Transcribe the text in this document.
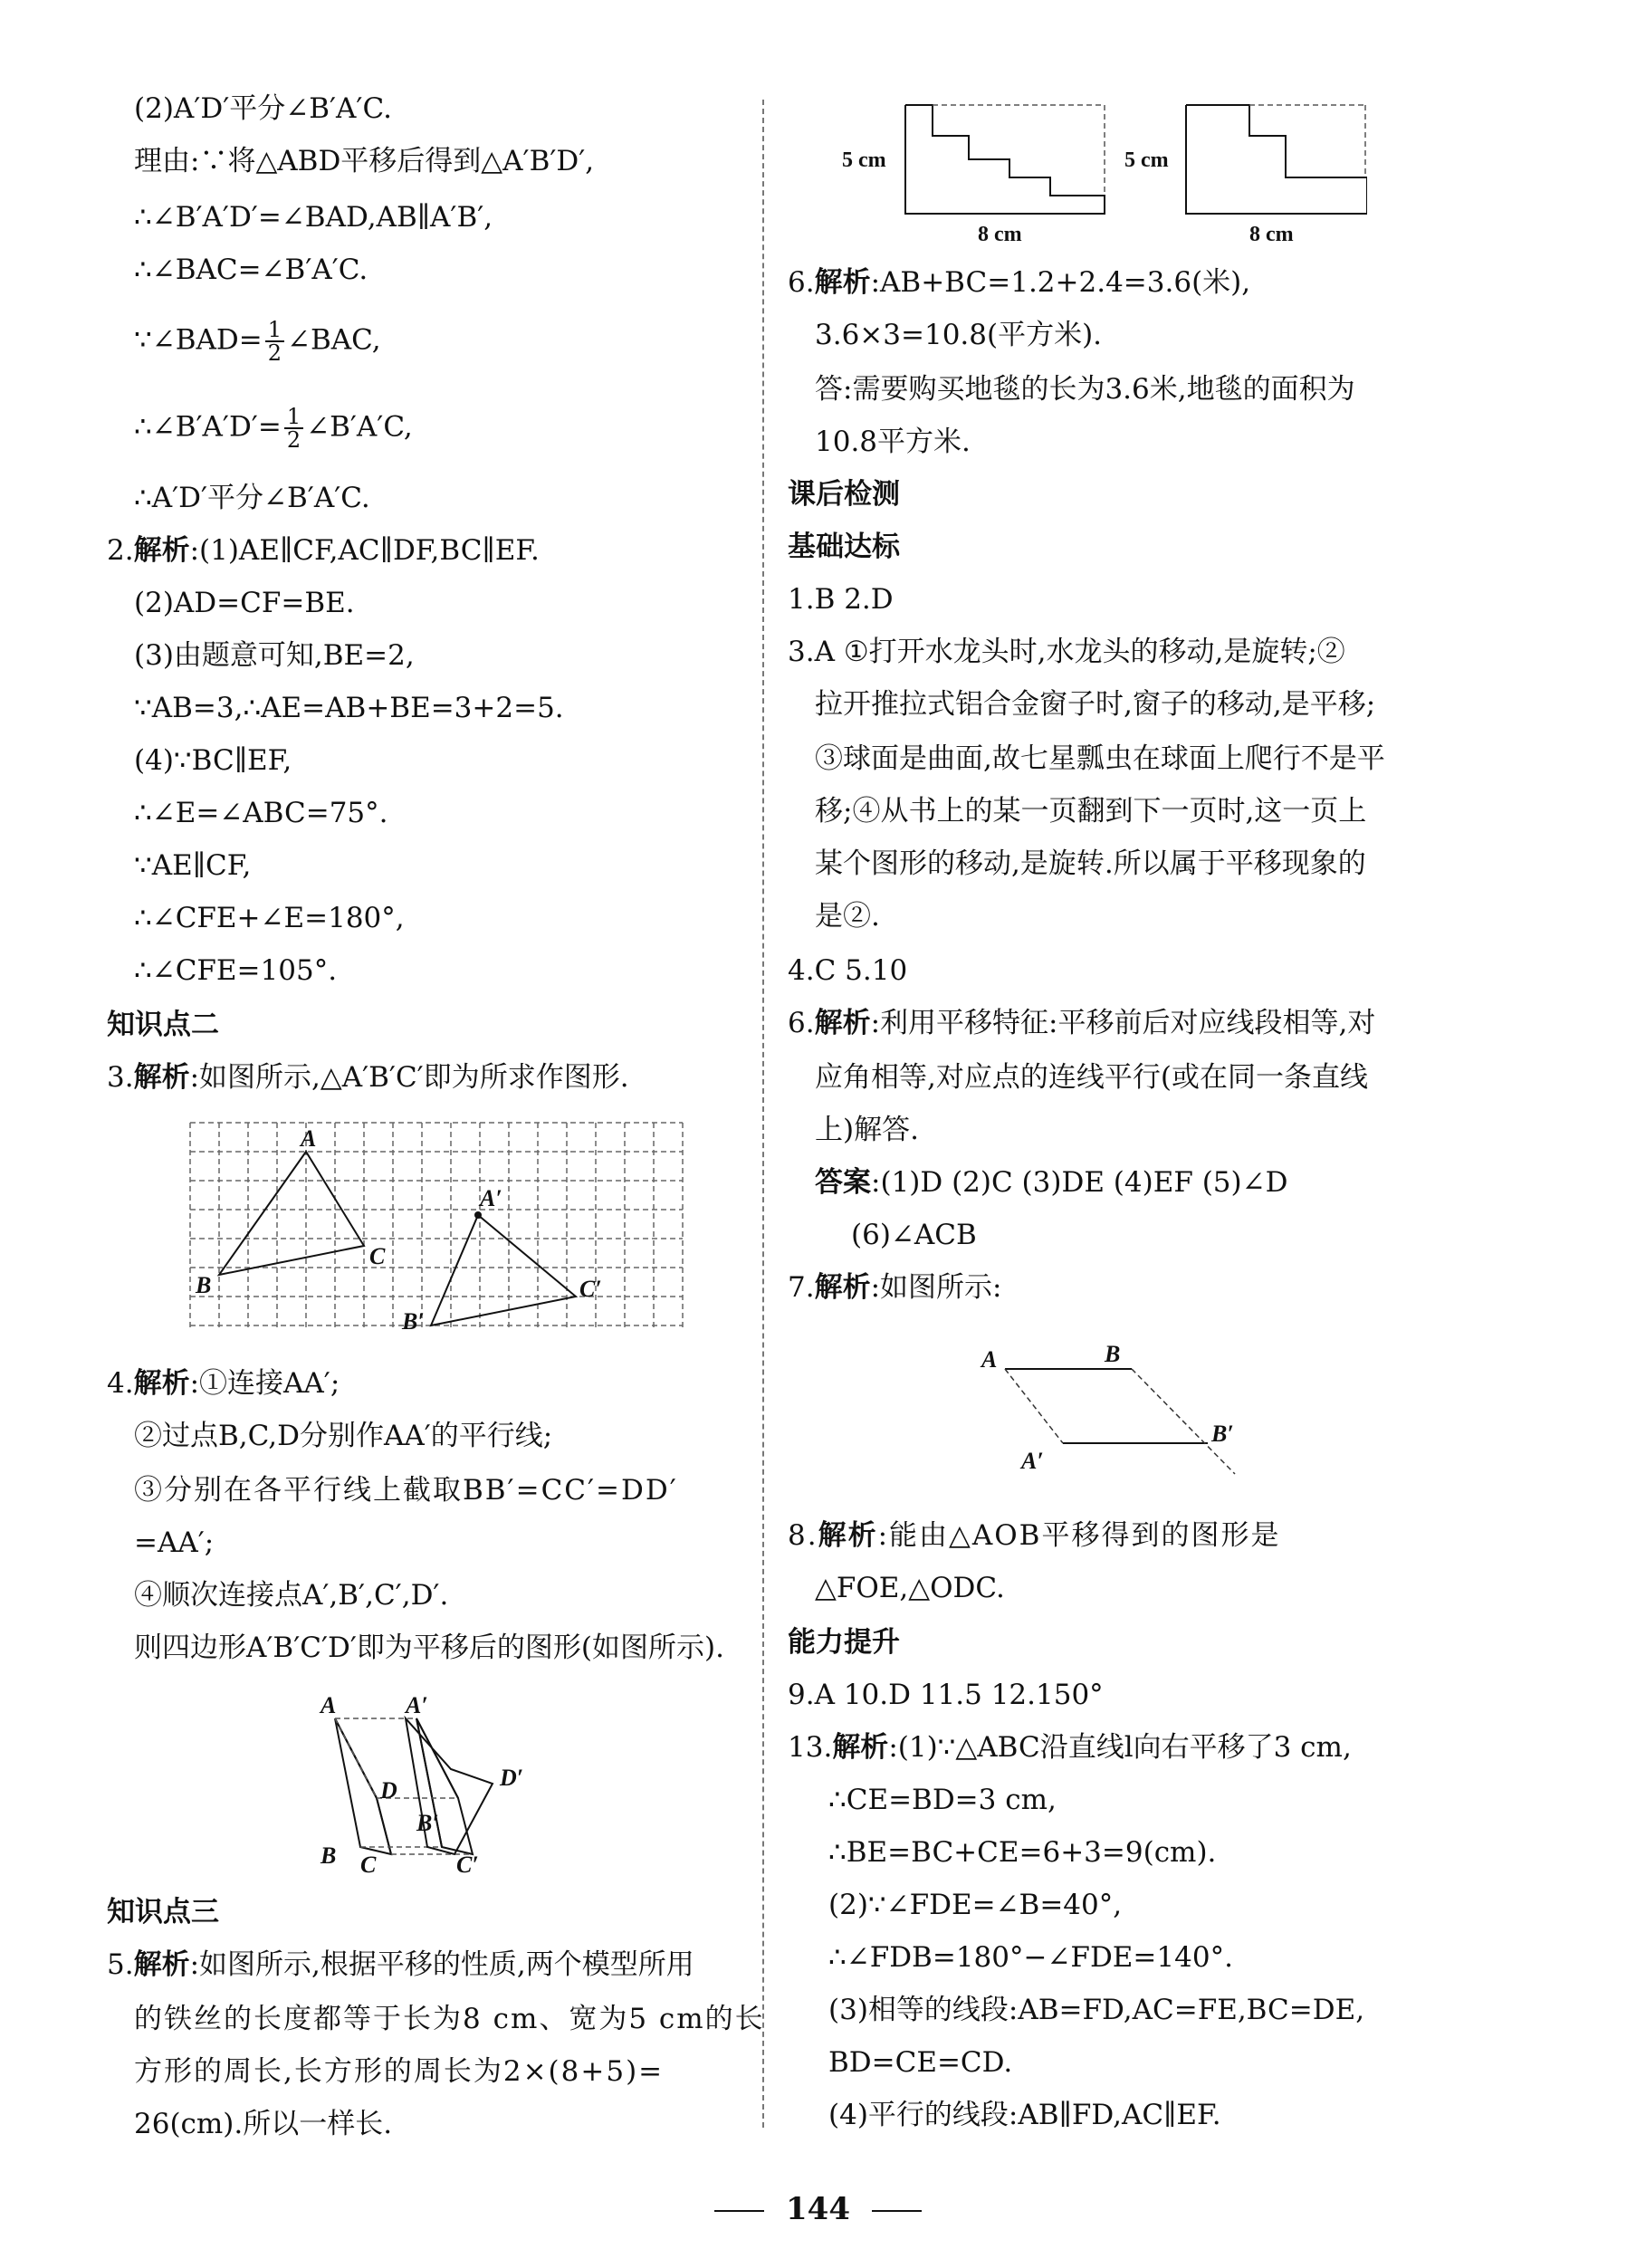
(2)A′D′平分∠B′A′C.
理由:∵将△ABD平移后得到△A′B′D′,
∴∠B′A′D′=∠BAD,AB∥A′B′,
∴∠BAC=∠B′A′C.
∵∠BAD= $\frac{1}{2}$ ∠BAC,
∴∠B′A′D′= $\frac{1}{2}$ ∠B′A′C,
∴A′D′平分∠B′A′C.
2.解析:(1)AE∥CF,AC∥DF,BC∥EF.
(2)AD=CF=BE.
(3)由题意可知,BE=2,
∵AB=3,∴AE=AB+BE=3+2=5.
(4)∵BC∥EF,
∴∠E=∠ABC=75°.
∵AE∥CF,
∴∠CFE+∠E=180°,
∴∠CFE=105°.
知识点二
3.解析:如图所示,△A′B′C′即为所求作图形.
A
B
C
A′
B′
C′
4.解析:①连接AA′;
②过点B,C,D分别作AA′的平行线;
③分别在各平行线上截取BB′=CC′=DD′
=AA′;
④顺次连接点A′,B′,C′,D′.
则四边形A′B′C′D′即为平移后的图形(如图所示).
A	A′
D	D′
B′
B C	C′
知识点三
5.解析:如图所示,根据平移的性质,两个模型所用
的铁丝的长度都等于长为8 cm、宽为5 cm的长
方形的周长,长方形的周长为2×(8+5)=
26(cm).所以一样长.
5 cm
8 cm
5 cm
8 cm
6.解析:AB+BC=1.2+2.4=3.6(米),
3.6×3=10.8(平方米).
答:需要购买地毯的长为3.6米,地毯的面积为
10.8平方米.
课后检测
基础达标
1.B 2.D
3.A ①打开水龙头时,水龙头的移动,是旋转;②
拉开推拉式铝合金窗子时,窗子的移动,是平移;
③球面是曲面,故七星瓢虫在球面上爬行不是平
移;④从书上的某一页翻到下一页时,这一页上
某个图形的移动,是旋转.所以属于平移现象的
是②.
4.C 5.10
6.解析:利用平移特征:平移前后对应线段相等,对
应角相等,对应点的连线平行(或在同一条直线
上)解答.
答案:(1)D (2)C (3)DE (4)EF (5)∠D
(6)∠ACB
7.解析:如图所示:
A	B
A′
B′
8.解析:能由△AOB平移得到的图形是
△FOE,△ODC.
能力提升
9.A 10.D 11.5 12.150°
13.解析:(1)∵△ABC沿直线l向右平移了3 cm,
∴CE=BD=3 cm,
∴BE=BC+CE=6+3=9(cm).
(2)∵∠FDE=∠B=40°,
∴∠FDB=180°−∠FDE=140°.
(3)相等的线段:AB=FD,AC=FE,BC=DE,
BD=CE=CD.
(4)平行的线段:AB∥FD,AC∥EF.
144
